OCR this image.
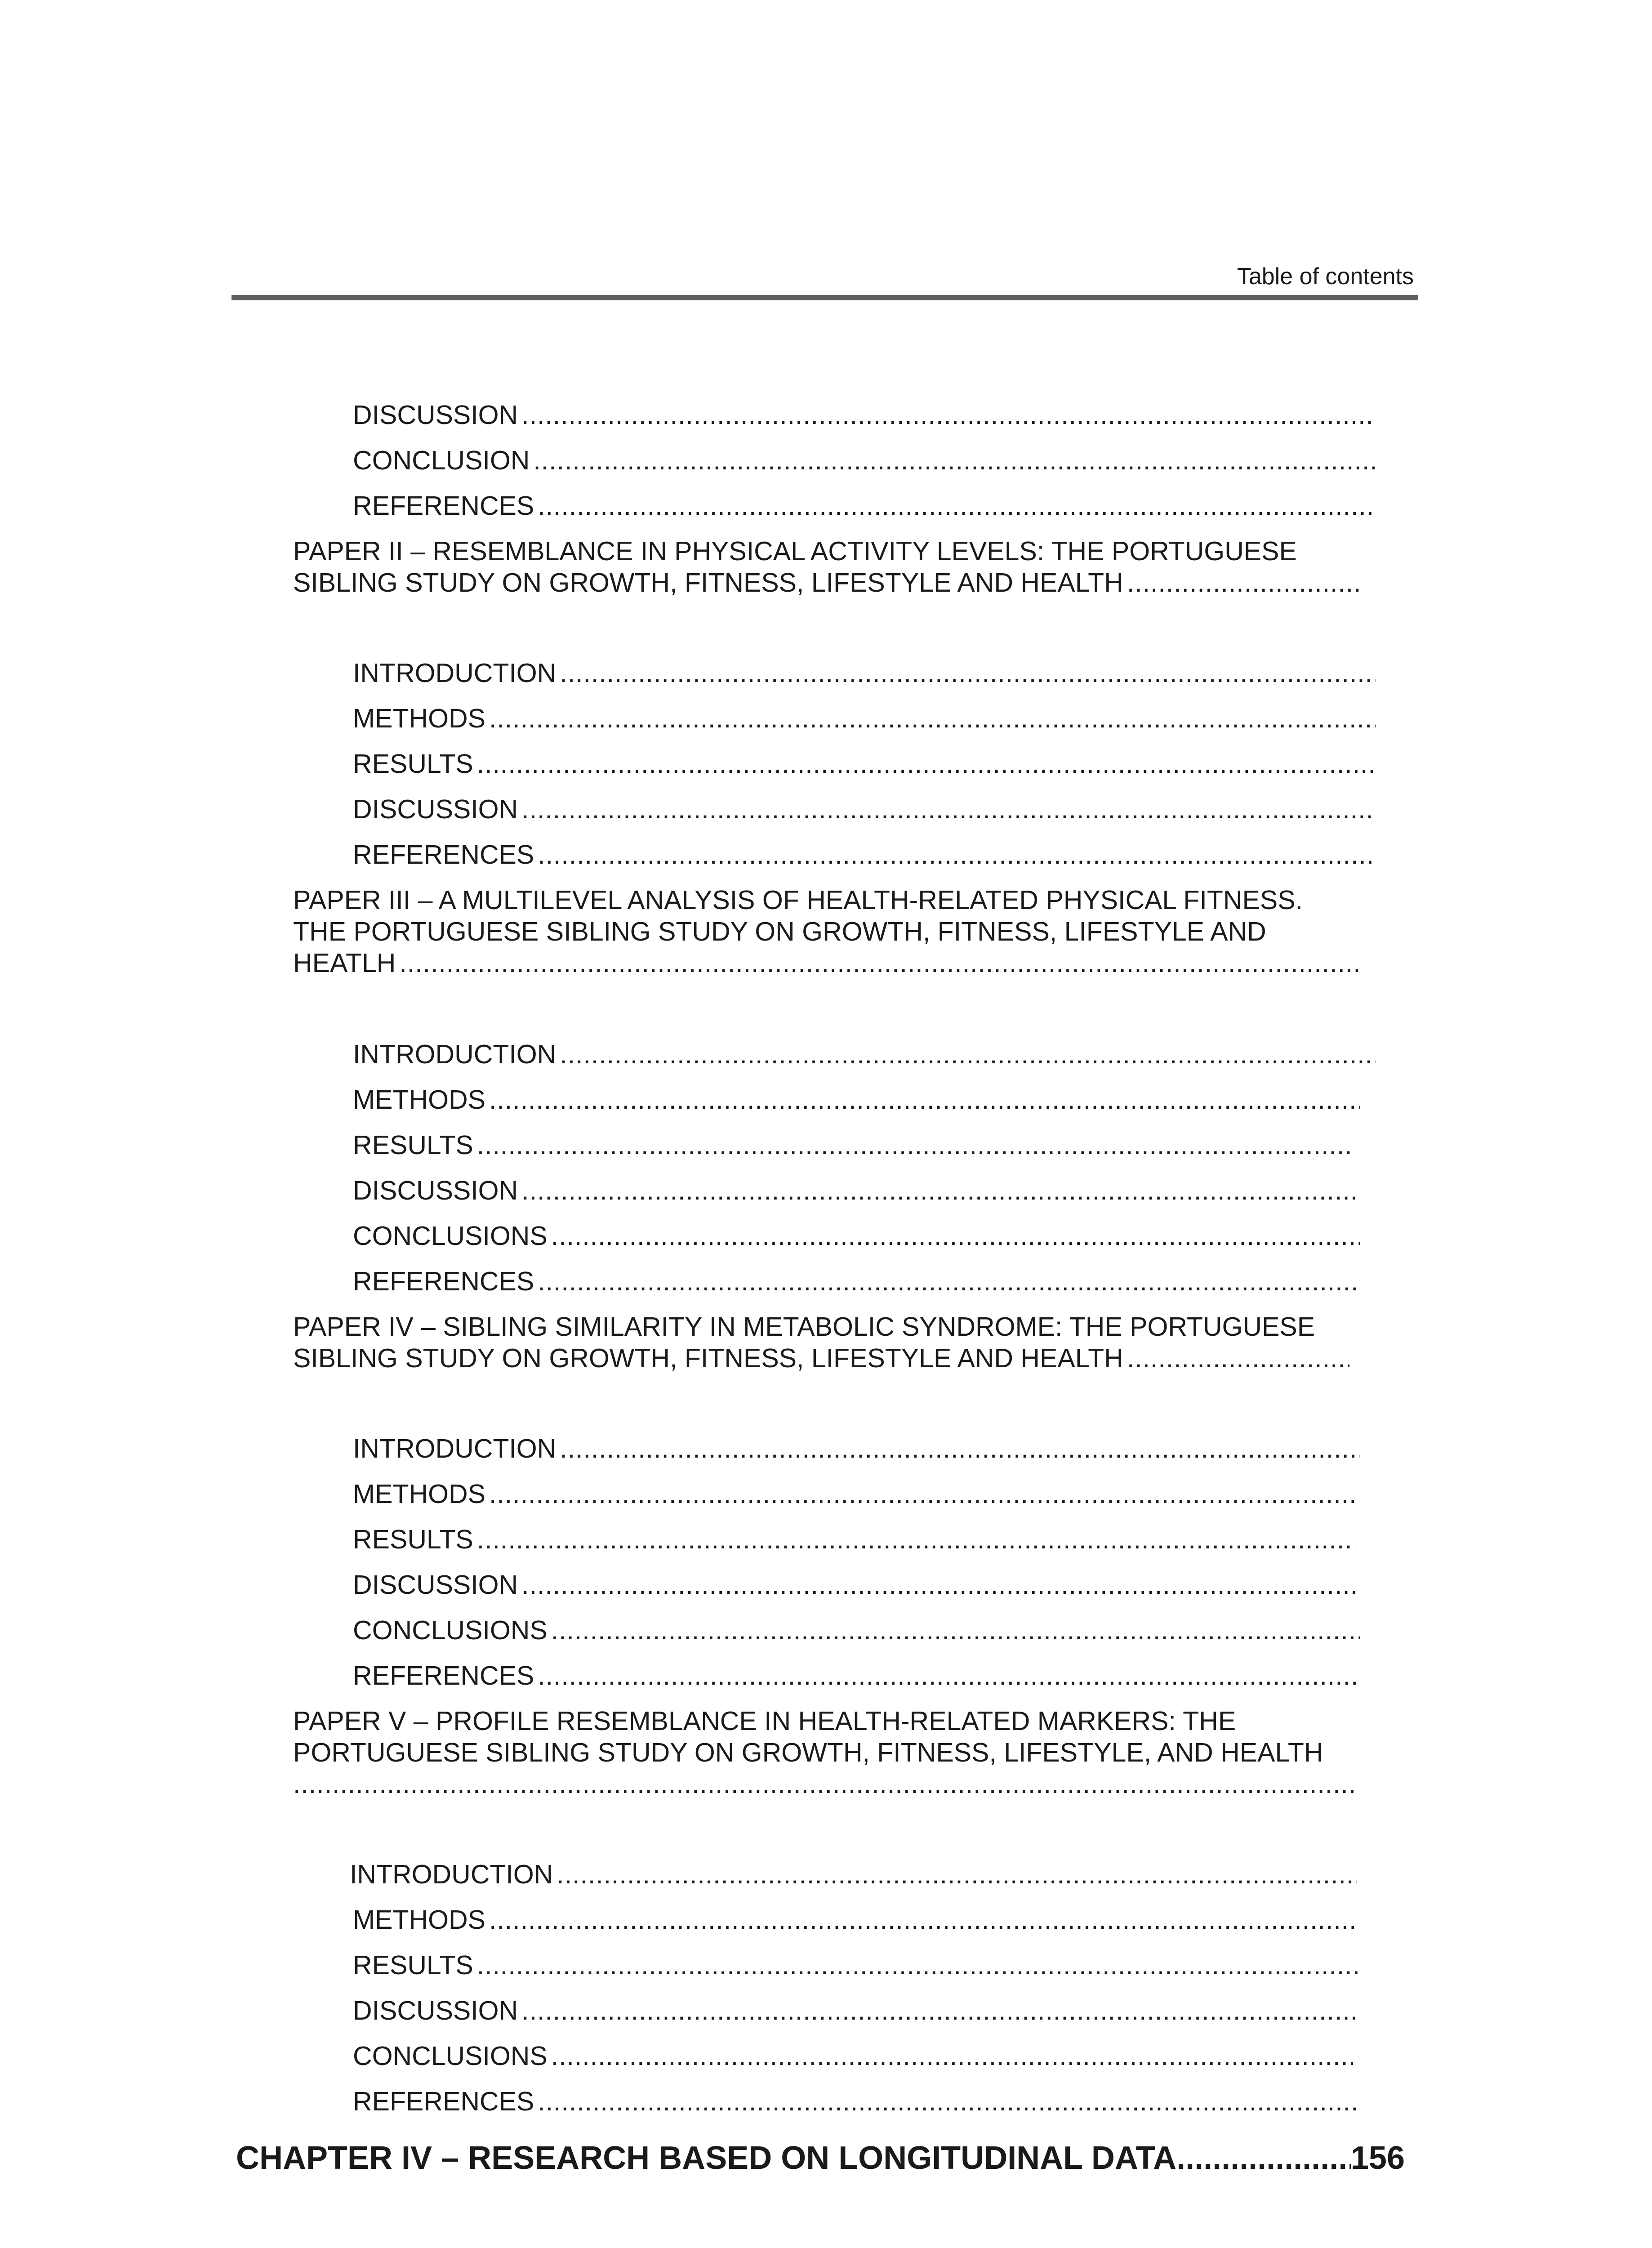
Table of contents
DISCUSSION
.....
CONCLUSION
.....
REFERENCES
.....
PAPER II – RESEMBLANCE IN PHYSICAL ACTIVITY LEVELS: THE PORTUGUESE
SIBLING STUDY ON GROWTH, FITNESS, LIFESTYLE AND HEALTH
.....
INTRODUCTION
.....
METHODS
.....
RESULTS
.....
DISCUSSION
.....
REFERENCES
.....
PAPER III – A MULTILEVEL ANALYSIS OF HEALTH-RELATED PHYSICAL FITNESS.
THE PORTUGUESE SIBLING STUDY ON GROWTH, FITNESS, LIFESTYLE AND
HEATLH
.....
INTRODUCTION
.....
METHODS
.....
RESULTS
.....
DISCUSSION
.....
CONCLUSIONS
.....
REFERENCES
.....
PAPER IV – SIBLING SIMILARITY IN METABOLIC SYNDROME: THE PORTUGUESE
SIBLING STUDY ON GROWTH, FITNESS, LIFESTYLE AND HEALTH
.....
INTRODUCTION
.....
METHODS
.....
RESULTS
.....
DISCUSSION
.....
CONCLUSIONS
.....
REFERENCES
.....
PAPER V – PROFILE RESEMBLANCE IN HEALTH-RELATED MARKERS: THE
PORTUGUESE SIBLING STUDY ON GROWTH, FITNESS, LIFESTYLE, AND HEALTH
.....
INTRODUCTION
.....
METHODS
.....
RESULTS
.....
DISCUSSION
.....
CONCLUSIONS
.....
REFERENCES
.....
CHAPTER IV – RESEARCH BASED ON LONGITUDINAL DATA
.....	156
